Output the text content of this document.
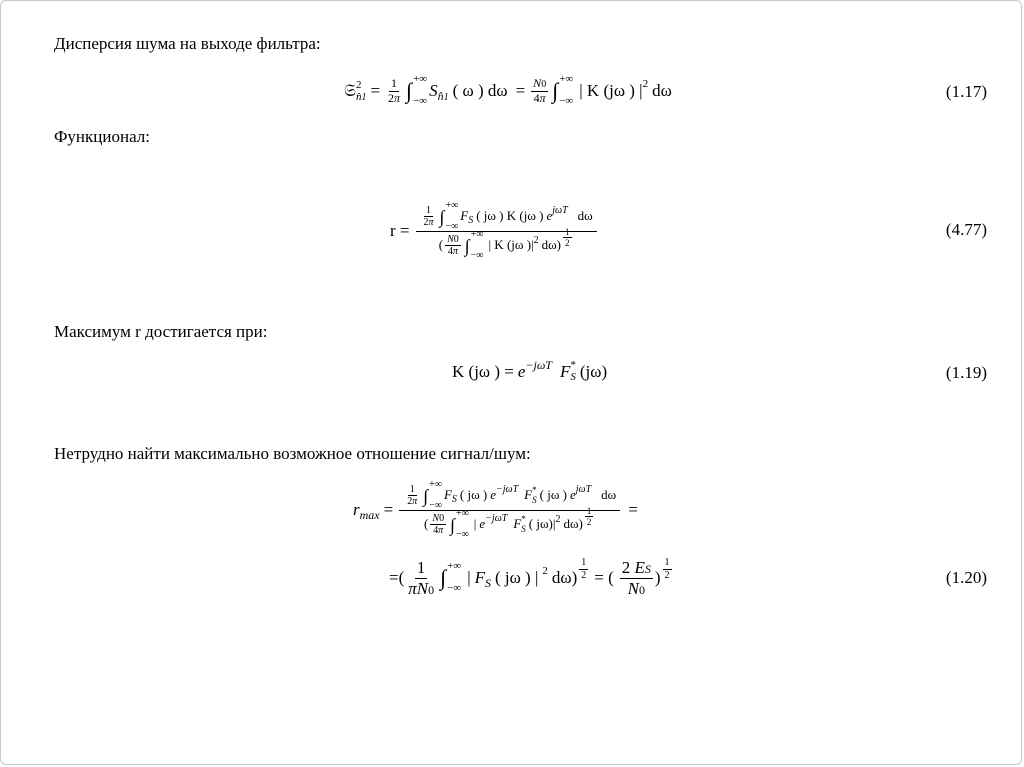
Дисперсия шума на выходе фильтра:
𝔖 2
n̂1 = $\frac{1}{2\pi}$ ∫ +∞
−∞
S n̂1 ( ω ) $d\omega = \frac{N0}{4\pi}$ ∫ +∞
−∞
| K (jω ) $|^2$ dω	(1.17)
Функционал:
r =
$\frac{1}{2\pi}$ ∫
+∞
−∞
F S ( jω ) K (jω ) e jωT dω
( $\frac{N0}{4\pi}$ ∫
+∞
−∞
| K (jω )| 2 $d\omega) \frac{1}{2}$	(4.77)
Максимум r достигается при:
K (jω ) = e −jωT F *
S (jω)	(1.19)
Нетрудно найти максимально возможное отношение сигнал/шум:
r max =
$\frac{1}{2\pi}$ ∫
+∞
−∞
F S ( jω ) e −jωT F *
S ( jω ) e jωT dω
( $\frac{N0}{4\pi}$ ∫
+∞
−∞
| e −jωT F *
S ( jω)| 2 $d\omega) \frac{1}{2}$ =
=( $\frac{1}{\pi N0}$ ∫ +∞
−∞
| F S ( jω ) | $^2$ $d\omega) \frac{1}{2}$ = ( $\frac{2 ES}{N0}$ ) $\frac{1}{2}$	(1.20)
